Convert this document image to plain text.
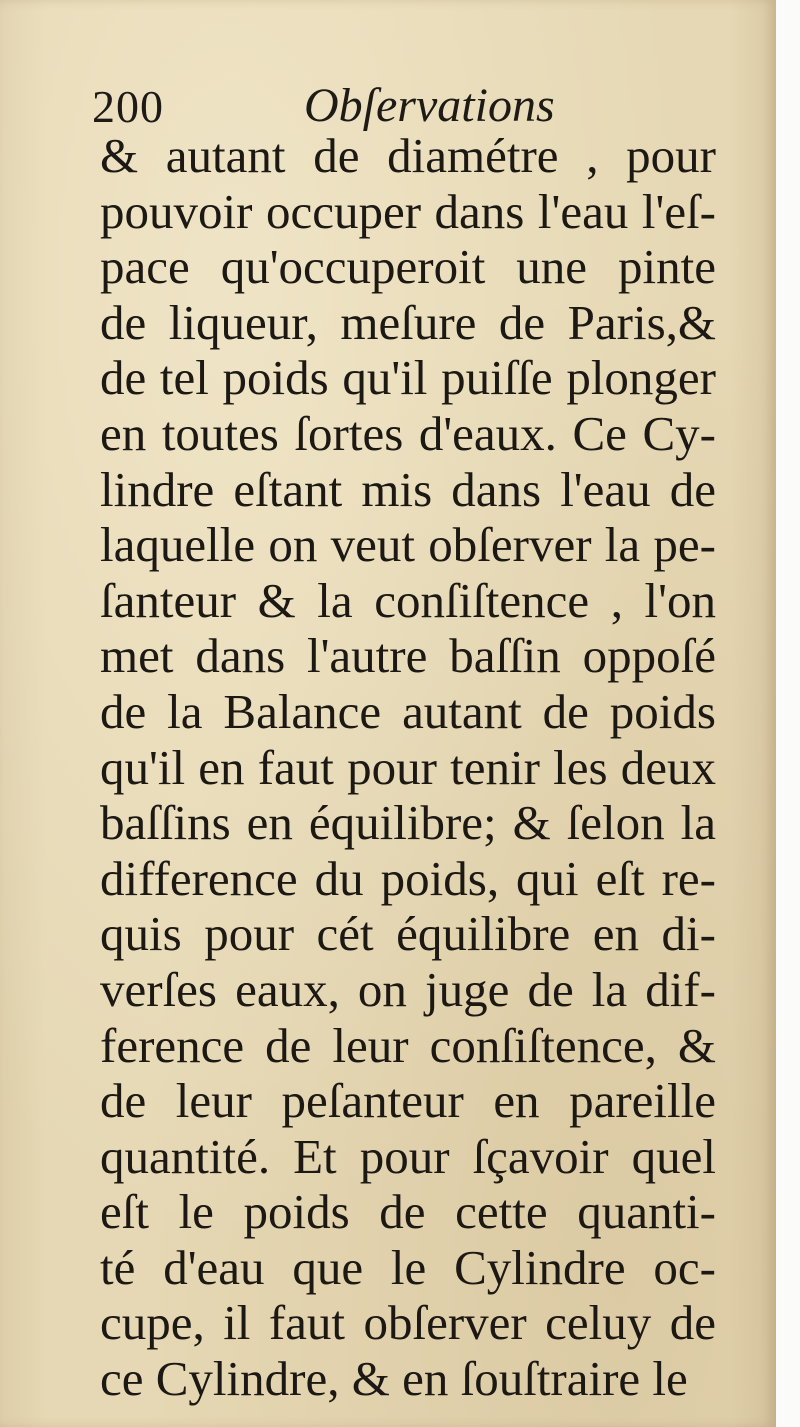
200	Obſervations
& autant de diamétre , pour
pouvoir occuper dans l'eau l'eſ-
pace qu'occuperoit une pinte
de liqueur, meſure de Paris,&
de tel poids qu'il puiſſe plonger
en toutes ſortes d'eaux. Ce Cy-
lindre eſtant mis dans l'eau de
laquelle on veut obſerver la pe-
ſanteur & la conſiſtence , l'on
met dans l'autre baſſin oppoſé
de la Balance autant de poids
qu'il en faut pour tenir les deux
baſſins en équilibre; & ſelon la
difference du poids, qui eſt re-
quis pour cét équilibre en di-
verſes eaux, on juge de la dif-
ference de leur conſiſtence, &
de leur peſanteur en pareille
quantité. Et pour ſçavoir quel
eſt le poids de cette quanti-
té d'eau que le Cylindre oc-
cupe, il faut obſerver celuy de
ce Cylindre, & en ſouſtraire le
